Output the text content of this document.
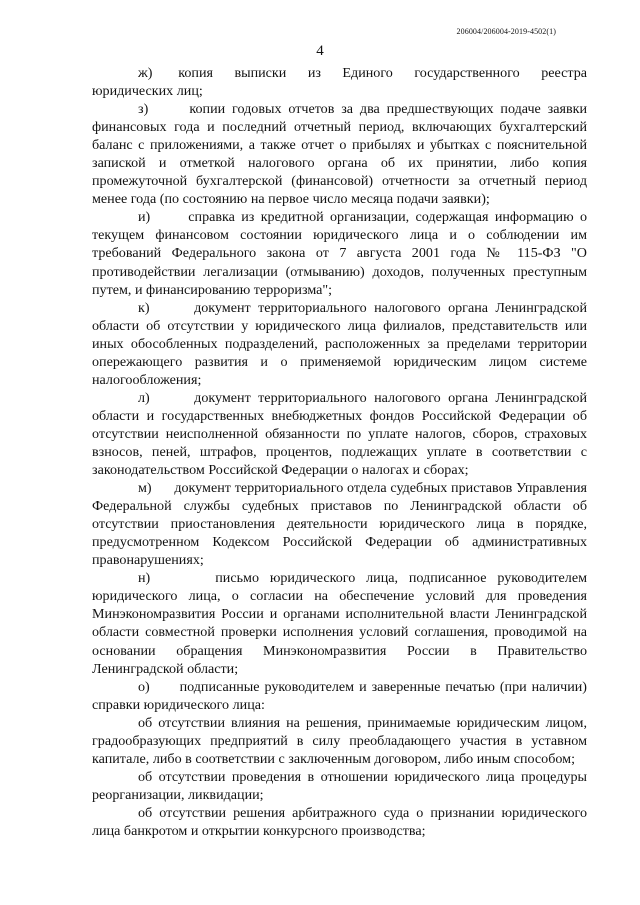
206004/206004-2019-4502(1)
4

ж)      копия     выписки     из     Единого     государственного     реестра юридических лиц;

з)      копии годовых отчетов за два предшествующих подаче заявки финансовых года и последний отчетный период, включающих бухгалтерский баланс с приложениями, а также отчет о прибылях и убытках с пояснительной запиской и отметкой налогового органа об их принятии, либо копия промежуточной бухгалтерской (финансовой) отчетности за отчетный период менее года (по состоянию на первое число месяца подачи заявки);

и)      справка из кредитной организации, содержащая информацию о текущем финансовом состоянии юридического лица и о соблюдении им требований Федерального закона от 7 августа 2001 года № 115-ФЗ "О противодействии легализации (отмыванию) доходов, полученных преступным путем, и финансированию терроризма";

к)      документ территориального налогового органа Ленинградской области об отсутствии у юридического лица филиалов, представительств или иных обособленных подразделений, расположенных за пределами территории опережающего развития и о применяемой юридическим лицом системе налогообложения;

л)      документ территориального налогового органа Ленинградской области и государственных внебюджетных фондов Российской Федерации об отсутствии неисполненной обязанности по уплате налогов, сборов, страховых взносов, пеней, штрафов, процентов, подлежащих уплате в соответствии с законодательством Российской Федерации о налогах и сборах;

м)      документ территориального отдела судебных приставов Управления Федеральной службы судебных приставов по Ленинградской области об отсутствии приостановления деятельности юридического лица в порядке, предусмотренном Кодексом Российской Федерации об административных правонарушениях;

н)      письмо юридического лица, подписанное руководителем юридического лица, о согласии на обеспечение условий для проведения Минэкономразвития России и органами исполнительной власти Ленинградской области совместной проверки исполнения условий соглашения, проводимой на основании обращения Минэкономразвития России в Правительство Ленинградской области;

о)      подписанные руководителем и заверенные печатью (при наличии) справки юридического лица:

об отсутствии влияния на решения, принимаемые юридическим лицом, градообразующих предприятий в силу преобладающего участия в уставном капитале, либо в соответствии с заключенным договором, либо иным способом;

об отсутствии проведения в отношении юридического лица процедуры реорганизации, ликвидации;

об отсутствии решения арбитражного суда о признании юридического лица банкротом и открытии конкурсного производства;
